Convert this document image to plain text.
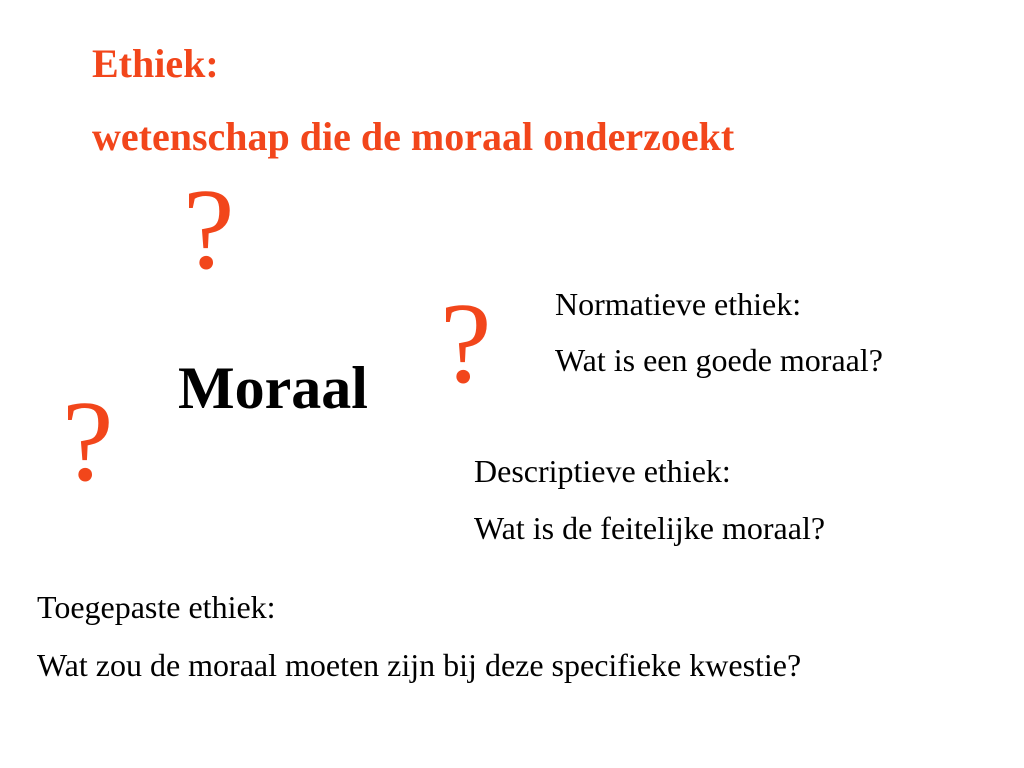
Ethiek:
wetenschap die de moraal onderzoekt
?
?
? Moraal
Normatieve ethiek:
Wat is een goede moraal?
Descriptieve ethiek:
Wat is de feitelijke moraal?
Toegepaste ethiek:
Wat zou de moraal moeten zijn bij deze specifieke kwestie?
